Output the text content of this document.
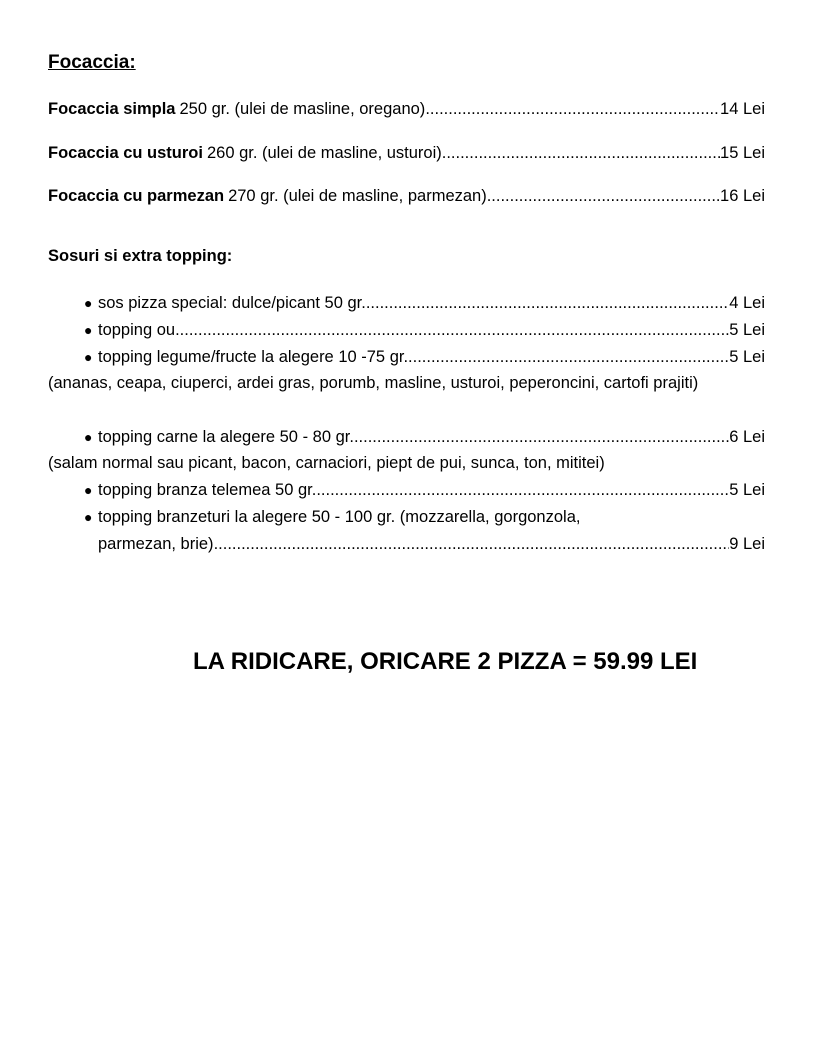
Focaccia:
Focaccia simpla 250 gr. (ulei de masline, oregano) .....	14 Lei
Focaccia cu usturoi 260 gr. (ulei de masline, usturoi) .....	15 Lei
Focaccia cu parmezan 270 gr. (ulei de masline, parmezan) .....	16 Lei
Sosuri si extra topping:
● sos pizza special: dulce/picant 50 gr. .....	4 Lei
● topping ou .....	5 Lei
● topping legume/fructe la alegere 10 -75 gr. .....	5 Lei
(ananas, ceapa, ciuperci, ardei gras, porumb, masline, usturoi, peperoncini, cartofi prajiti)
● topping carne la alegere 50 - 80 gr. .....	6 Lei
(salam normal sau picant, bacon, carnaciori, piept de pui, sunca, ton, mititei)
● topping branza telemea 50 gr. .....	5 Lei
● topping branzeturi la alegere 50 - 100 gr. (mozzarella, gorgonzola,
parmezan, brie) .....	9 Lei
LA RIDICARE, ORICARE 2 PIZZA = 59.99 LEI
